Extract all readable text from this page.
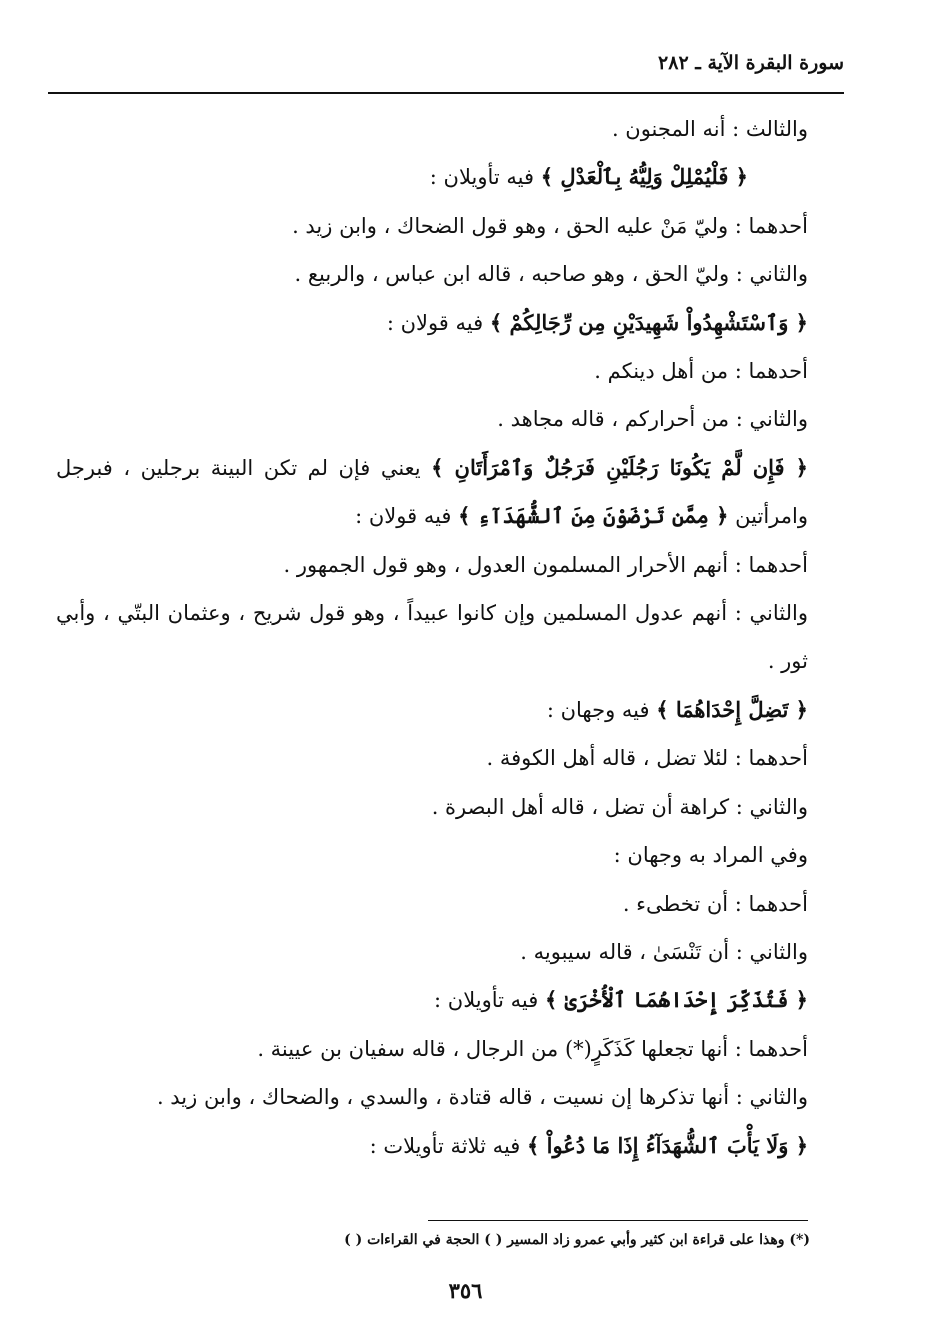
سورة البقرة الآية ـ ٢٨٢

والثالث : أنه المجنون .

﴿ فَلْيُمْلِلْ وَلِيُّهُ بِٱلْعَدْلِ ﴾ فيه تأويلان :

أحدهما : وليّ مَنْ عليه الحق ، وهو قول الضحاك ، وابن زيد .

والثاني : وليّ الحق ، وهو صاحبه ، قاله ابن عباس ، والربيع .

﴿ وَٱسْتَشْهِدُواْ شَهِيدَيْنِ مِن رِّجَالِكُمْ ﴾ فيه قولان :

أحدهما : من أهل دينكم .

والثاني : من أحراركم ، قاله مجاهد .

﴿ فَإِن لَّمْ يَكُونَا رَجُلَيْنِ فَرَجُلٌ وَٱمْرَأَتَانِ ﴾ يعني فإن لم تكن البينة برجلين ، فبرجل وامرأتين ﴿ مِمَّن تَرْضَوْنَ مِنَ ٱلشُّهَدَآءِ ﴾ فيه قولان :

أحدهما : أنهم الأحرار المسلمون العدول ، وهو قول الجمهور .

والثاني : أنهم عدول المسلمين وإن كانوا عبيداً ، وهو قول شريح ، وعثمان البتّي ، وأبي ثور .

﴿ تَضِلَّ إِحْدَاهُمَا ﴾ فيه وجهان :

أحدهما : لئلا تضل ، قاله أهل الكوفة .

والثاني : كراهة أن تضل ، قاله أهل البصرة .

وفي المراد به وجهان :

أحدهما : أن تخطىء .

والثاني : أن تَنْسَىٰ ، قاله سيبويه .

﴿ فَتُذَكِّرَ إِحْدَاهُمَا ٱلْأُخْرَىٰ ﴾ فيه تأويلان :

أحدهما : أنها تجعلها كَذَكَرٍ(*) من الرجال ، قاله سفيان بن عيينة .

والثاني : أنها تذكرها إن نسيت ، قاله قتادة ، والسدي ، والضحاك ، وابن زيد .

﴿ وَلَا يَأْبَ ٱلشُّهَدَآءُ إِذَا مَا دُعُواْ ﴾ فيه ثلاثة تأويلات :

(*) وهذا على قراءة ابن كثير وأبي عمرو زاد المسير ( ) الحجة في القراءات ( )
٣٥٦
